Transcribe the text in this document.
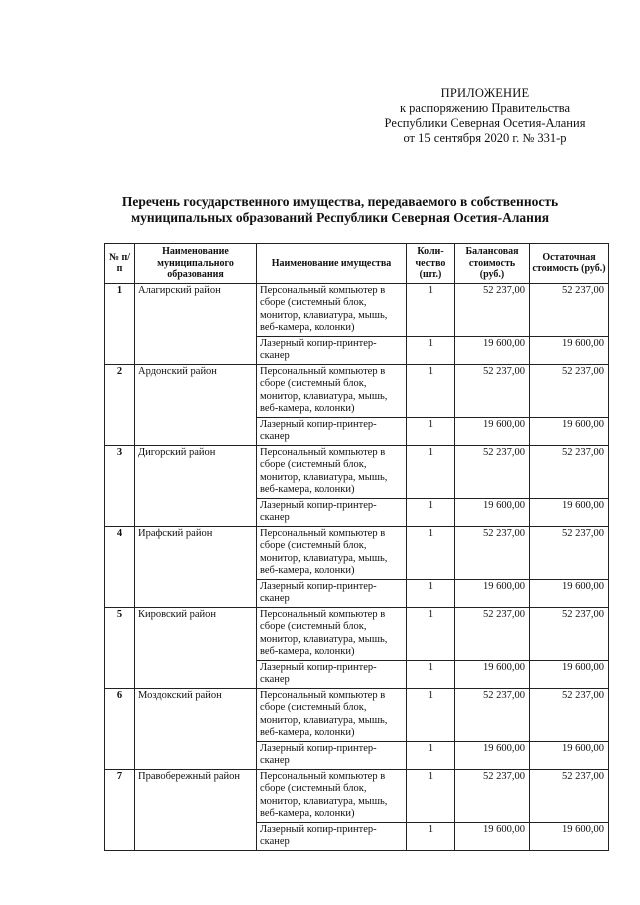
ПРИЛОЖЕНИЕ
к распоряжению Правительства
Республики Северная Осетия-Алания
от 15 сентября 2020 г. № 331-р
Перечень государственного имущества, передаваемого в собственность
муниципальных образований Республики Северная Осетия-Алания
№ п/п	Наименование муниципального образования	Наименование имущества	Коли-чество (шт.)	Балансовая стоимость (руб.)	Остаточная стоимость (руб.)
1	Алагирский район	Персональный компьютер в сборе (системный блок, монитор, клавиатура, мышь, веб-камера, колонки)	1	52 237,00	52 237,00
		Лазерный копир-принтер-сканер	1	19 600,00	19 600,00
2	Ардонский район	Персональный компьютер в сборе (системный блок, монитор, клавиатура, мышь, веб-камера, колонки)	1	52 237,00	52 237,00
		Лазерный копир-принтер-сканер	1	19 600,00	19 600,00
3	Дигорский район	Персональный компьютер в сборе (системный блок, монитор, клавиатура, мышь, веб-камера, колонки)	1	52 237,00	52 237,00
		Лазерный копир-принтер-сканер	1	19 600,00	19 600,00
4	Ирафский район	Персональный компьютер в сборе (системный блок, монитор, клавиатура, мышь, веб-камера, колонки)	1	52 237,00	52 237,00
		Лазерный копир-принтер-сканер	1	19 600,00	19 600,00
5	Кировский район	Персональный компьютер в сборе (системный блок, монитор, клавиатура, мышь, веб-камера, колонки)	1	52 237,00	52 237,00
		Лазерный копир-принтер-сканер	1	19 600,00	19 600,00
6	Моздокский район	Персональный компьютер в сборе (системный блок, монитор, клавиатура, мышь, веб-камера, колонки)	1	52 237,00	52 237,00
		Лазерный копир-принтер-сканер	1	19 600,00	19 600,00
7	Правобережный район	Персональный компьютер в сборе (системный блок, монитор, клавиатура, мышь, веб-камера, колонки)	1	52 237,00	52 237,00
		Лазерный копир-принтер-сканер	1	19 600,00	19 600,00
